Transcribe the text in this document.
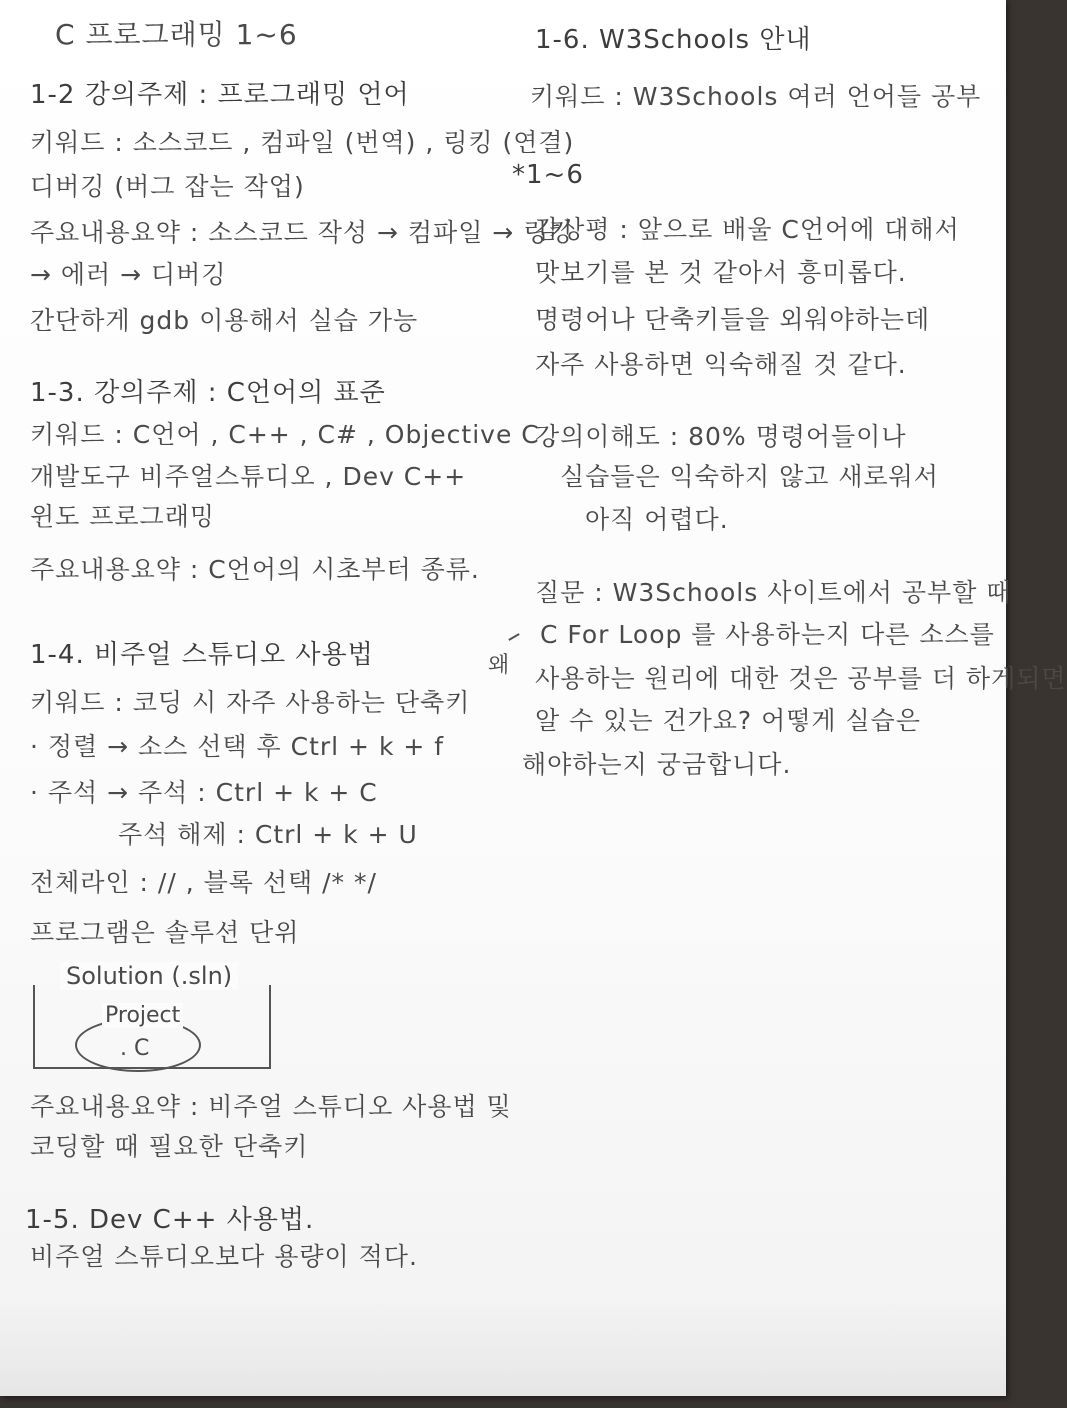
C 프로그래밍 1~6
1-2 강의주제 : 프로그래밍 언어
키워드 : 소스코드 , 컴파일 (번역) , 링킹 (연결)
디버깅 (버그 잡는 작업)
주요내용요약 : 소스코드 작성 → 컴파일 → 링킹
→ 에러 → 디버깅
간단하게 gdb 이용해서 실습 가능
1-3. 강의주제 : C언어의 표준
키워드 : C언어 , C++ , C# , Objective C ,
개발도구 비주얼스튜디오 , Dev C++
윈도 프로그래밍
주요내용요약 : C언어의 시초부터 종류.
1-4. 비주얼 스튜디오 사용법
키워드 : 코딩 시 자주 사용하는 단축키
· 정렬 → 소스 선택 후 Ctrl + k + f
· 주석 → 주석 : Ctrl + k + C
주석 해제 : Ctrl + k + U
전체라인 : // , 블록 선택 /* */
프로그램은 솔루션 단위
Solution (.sln)
Project
. C
주요내용요약 : 비주얼 스튜디오 사용법 및
코딩할 때 필요한 단축키
1-5. Dev C++ 사용법.
비주얼 스튜디오보다 용량이 적다.
1-6. W3Schools 안내
키워드 : W3Schools 여러 언어들 공부
*1~6
감상평 : 앞으로 배울 C언어에 대해서
맛보기를 본 것 같아서 흥미롭다.
명령어나 단축키들을 외워야하는데
자주 사용하면 익숙해질 것 같다.
강의이해도 : 80% 명령어들이나
실습들은 익숙하지 않고 새로워서
아직 어렵다.
질문 : W3Schools 사이트에서 공부할 때
C For Loop 를 사용하는지 다른 소스를
왜 사용하는 원리에 대한 것은 공부를 더 하게되면
알 수 있는 건가요? 어떻게 실습은
해야하는지 궁금합니다.
